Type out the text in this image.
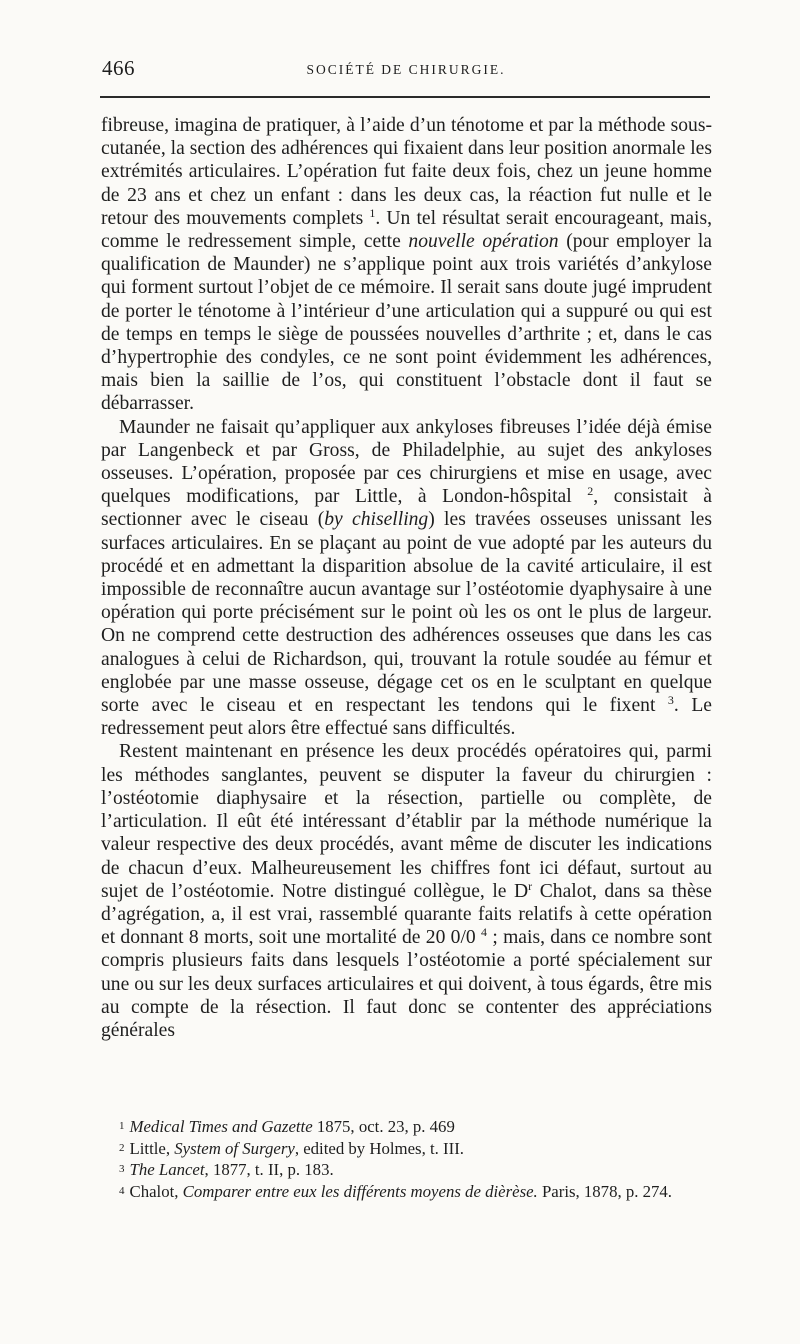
466	SOCIÉTÉ DE CHIRURGIE.

fibreuse, imagina de pratiquer, à l’aide d’un ténotome et par la méthode sous-cutanée, la section des adhérences qui fixaient dans leur position anormale les extrémités articulaires. L’opération fut faite deux fois, chez un jeune homme de 23 ans et chez un enfant : dans les deux cas, la réaction fut nulle et le retour des mouvements complets $^1$. Un tel résultat serait encourageant, mais, comme le redressement simple, cette nouvelle opération (pour employer la qualification de Maunder) ne s’applique point aux trois variétés d’ankylose qui forment surtout l’objet de ce mémoire. Il serait sans doute jugé imprudent de porter le ténotome à l’intérieur d’une articulation qui a suppuré ou qui est de temps en temps le siège de poussées nouvelles d’arthrite ; et, dans le cas d’hypertrophie des condyles, ce ne sont point évidemment les adhérences, mais bien la saillie de l’os, qui constituent l’obstacle dont il faut se débarrasser.

Maunder ne faisait qu’appliquer aux ankyloses fibreuses l’idée déjà émise par Langenbeck et par Gross, de Philadelphie, au sujet des ankyloses osseuses. L’opération, proposée par ces chirurgiens et mise en usage, avec quelques modifications, par Little, à London-hôspital $^2$, consistait à sectionner avec le ciseau (by chiselling) les travées osseuses unissant les surfaces articulaires. En se plaçant au point de vue adopté par les auteurs du procédé et en admettant la disparition absolue de la cavité articulaire, il est impossible de reconnaître aucun avantage sur l’ostéotomie dyaphysaire à une opération qui porte précisément sur le point où les os ont le plus de largeur. On ne comprend cette destruction des adhérences osseuses que dans les cas analogues à celui de Richardson, qui, trouvant la rotule soudée au fémur et englobée par une masse osseuse, dégage cet os en le sculptant en quelque sorte avec le ciseau et en respectant les tendons qui le fixent $^3$. Le redressement peut alors être effectué sans difficultés.

Restent maintenant en présence les deux procédés opératoires qui, parmi les méthodes sanglantes, peuvent se disputer la faveur du chirurgien : l’ostéotomie diaphysaire et la résection, partielle ou complète, de l’articulation. Il eût été intéressant d’établir par la méthode numérique la valeur respective des deux procédés, avant même de discuter les indications de chacun d’eux. Malheureusement les chiffres font ici défaut, surtout au sujet de l’ostéotomie. Notre distingué collègue, le $D^r$ Chalot, dans sa thèse d’agrégation, a, il est vrai, rassemblé quarante faits relatifs à cette opération et donnant 8 morts, soit une mortalité de 20 0/0 $^4$ ; mais, dans ce nombre sont compris plusieurs faits dans lesquels l’ostéotomie a porté spécialement sur une ou sur les deux surfaces articulaires et qui doivent, à tous égards, être mis au compte de la résection. Il faut donc se contenter des appréciations générales

1 Medical Times and Gazette 1875, oct. 23, p. 469

2 Little, System of Surgery, edited by Holmes, t. III.

3 The Lancet, 1877, t. II, p. 183.

4 Chalot, Comparer entre eux les différents moyens de dièrèse. Paris, 1878, p. 274.
